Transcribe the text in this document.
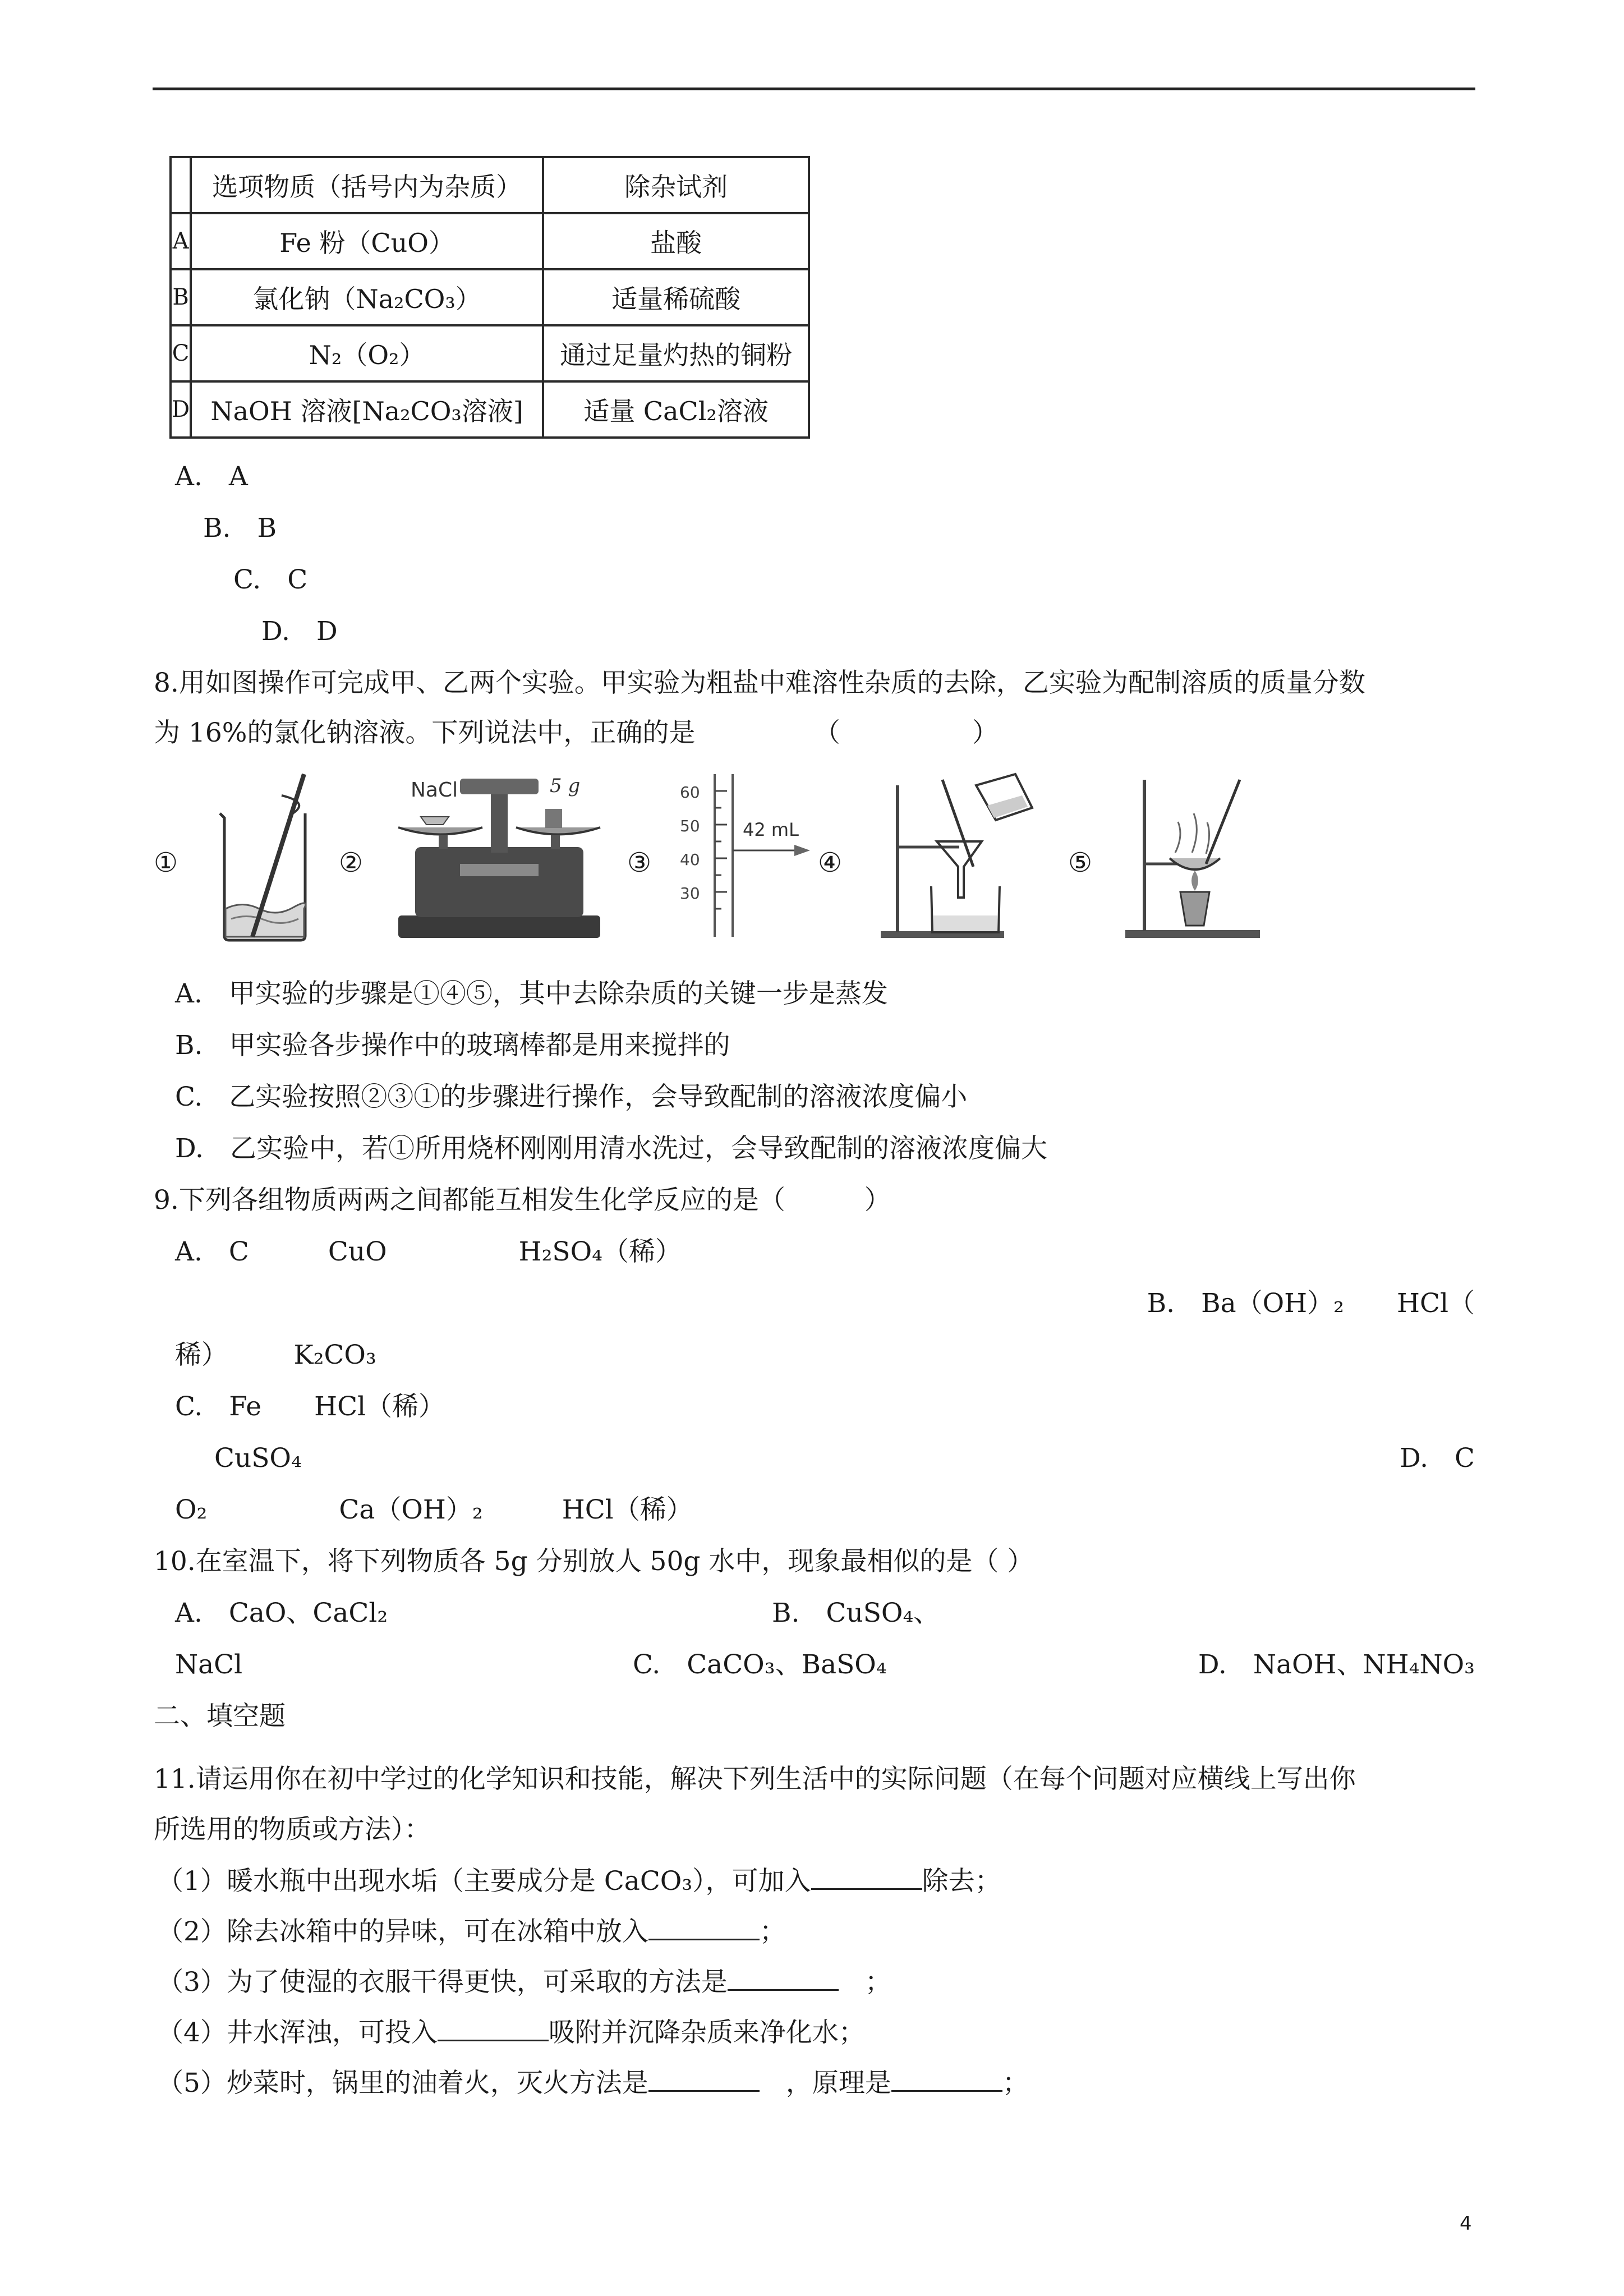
	选项物质（括号内为杂质）	除杂试剂
A	Fe 粉（CuO）	盐酸
B	氯化钠（Na₂CO₃）	适量稀硫酸
C	N₂（O₂）	通过足量灼热的铜粉
D	NaOH 溶液[Na₂CO₃溶液]	适量 CaCl₂溶液
A.　A
B.　B
C.　C
D.　D
8.用如图操作可完成甲、乙两个实验。甲实验为粗盐中难溶性杂质的去除，乙实验为配制溶质的质量分数
为 16%的氯化钠溶液。下列说法中，正确的是　　　　　（　　　　　）
①	②	③	④	⑤
NaCl	5 g	60
50
40
30
42 mL
A.　甲实验的步骤是①④⑤，其中去除杂质的关键一步是蒸发
B.　甲实验各步操作中的玻璃棒都是用来搅拌的
C.　乙实验按照②③①的步骤进行操作，会导致配制的溶液浓度偏小
D.　乙实验中，若①所用烧杯刚刚用清水洗过，会导致配制的溶液浓度偏大
9.下列各组物质两两之间都能互相发生化学反应的是（　　　）
A.　C　　　CuO　　　　　H₂SO₄（稀）
B.　Ba（OH）₂　　HCl（
稀）　　　K₂CO₃
C.　Fe　　HCl（稀）
CuSO₄	D.　C
O₂　　　　　Ca（OH）₂　　　HCl（稀）
10.在室温下，将下列物质各 5g 分别放人 50g 水中，现象最相似的是（ ）
A.　CaO、CaCl₂	B.　CuSO₄、
NaCl	C.　CaCO₃、BaSO₄	D.　NaOH、NH₄NO₃
二、填空题
11.请运用你在初中学过的化学知识和技能，解决下列生活中的实际问题（在每个问题对应横线上写出你
所选用的物质或方法）：
（1）暖水瓶中出现水垢（主要成分是 CaCO₃），可加入	除去；
（2）除去冰箱中的异味，可在冰箱中放入	；
（3）为了使湿的衣服干得更快，可采取的方法是	　；
（4）井水浑浊，可投入	吸附并沉降杂质来净化水；
（5）炒菜时，锅里的油着火，灭火方法是	　，原理是	；
4
